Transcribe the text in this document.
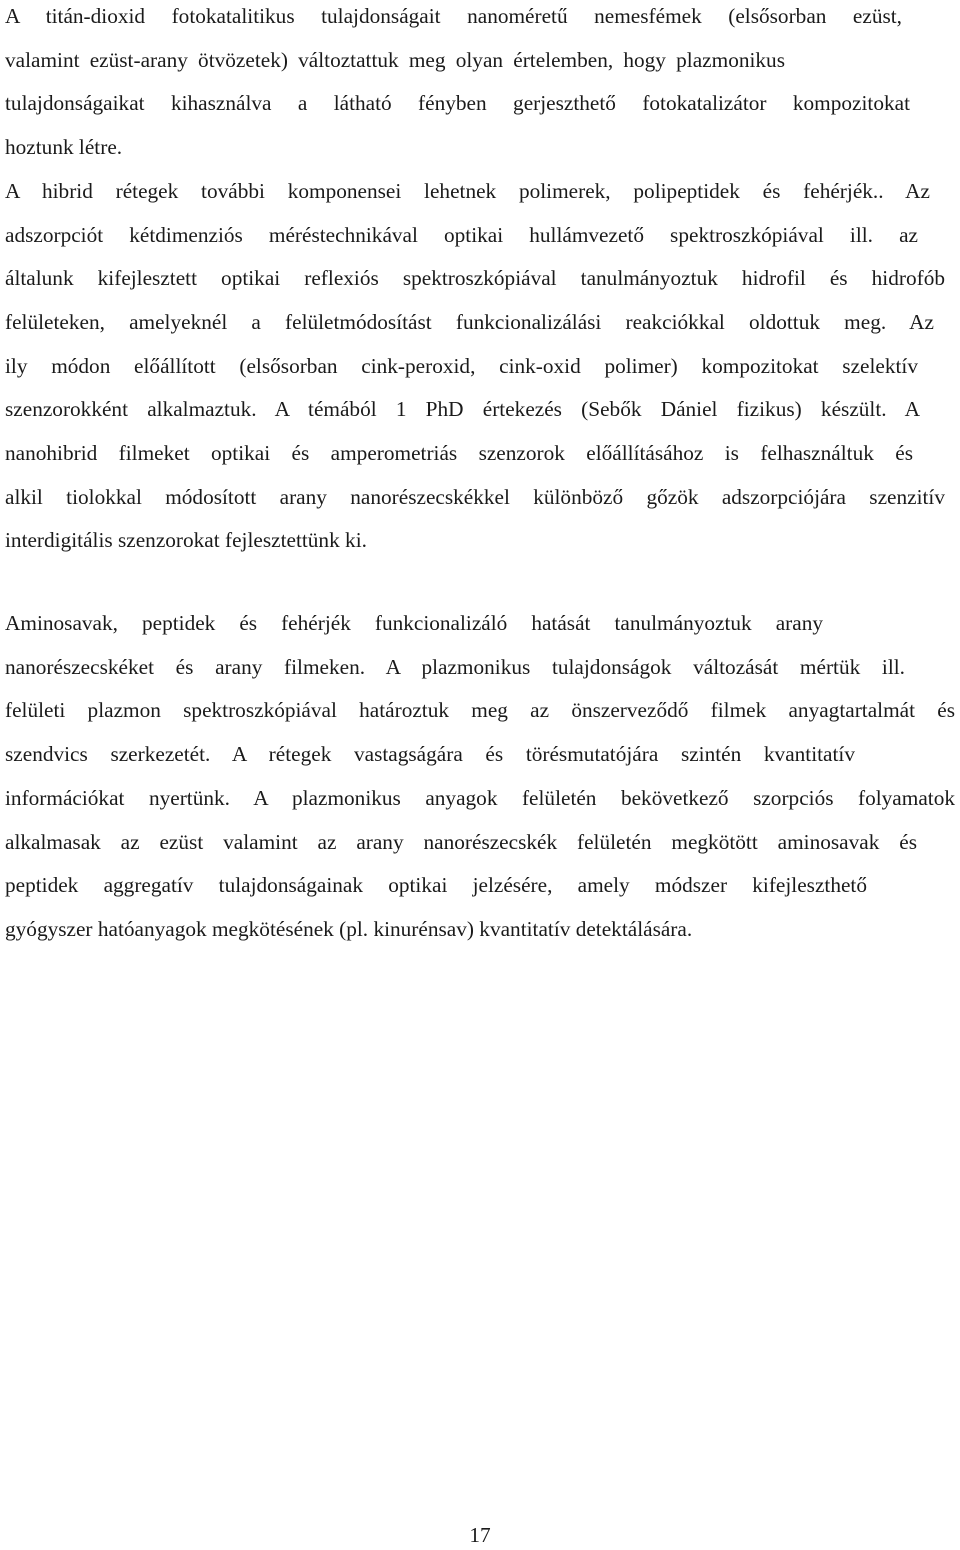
A titán-dioxid fotokatalitikus tulajdonságait nanoméretű nemesfémek (elsősorban ezüst,
valamint ezüst-arany ötvözetek) változtattuk meg olyan értelemben, hogy plazmonikus
tulajdonságaikat kihasználva a látható fényben gerjeszthető fotokatalizátor kompozitokat
hoztunk létre.
A hibrid rétegek további komponensei lehetnek polimerek, polipeptidek és fehérjék.. Az
adszorpciót kétdimenziós méréstechnikával optikai hullámvezető spektroszkópiával ill. az
általunk kifejlesztett optikai reflexiós spektroszkópiával tanulmányoztuk hidrofil és hidrofób
felületeken, amelyeknél a felületmódosítást funkcionalizálási reakciókkal oldottuk meg. Az
ily módon előállított (elsősorban cink-peroxid, cink-oxid polimer) kompozitokat szelektív
szenzorokként alkalmaztuk. A témából 1 PhD értekezés (Sebők Dániel fizikus) készült. A
nanohibrid filmeket optikai és amperometriás szenzorok előállításához is felhasználtuk és
alkil tiolokkal módosított arany nanorészecskékkel különböző gőzök adszorpciójára szenzitív
interdigitális szenzorokat fejlesztettünk ki.

Aminosavak, peptidek és fehérjék funkcionalizáló hatását tanulmányoztuk arany
nanorészecskéket és arany filmeken. A plazmonikus tulajdonságok változását mértük ill.
felületi plazmon spektroszkópiával határoztuk meg az önszerveződő filmek anyagtartalmát és
szendvics szerkezetét. A rétegek vastagságára és törésmutatójára szintén kvantitatív
információkat nyertünk. A plazmonikus anyagok felületén bekövetkező szorpciós folyamatok
alkalmasak az ezüst valamint az arany nanorészecskék felületén megkötött aminosavak és
peptidek aggregatív tulajdonságainak optikai jelzésére, amely módszer kifejleszthető
gyógyszer hatóanyagok megkötésének (pl. kinurénsav) kvantitatív detektálására.

17
